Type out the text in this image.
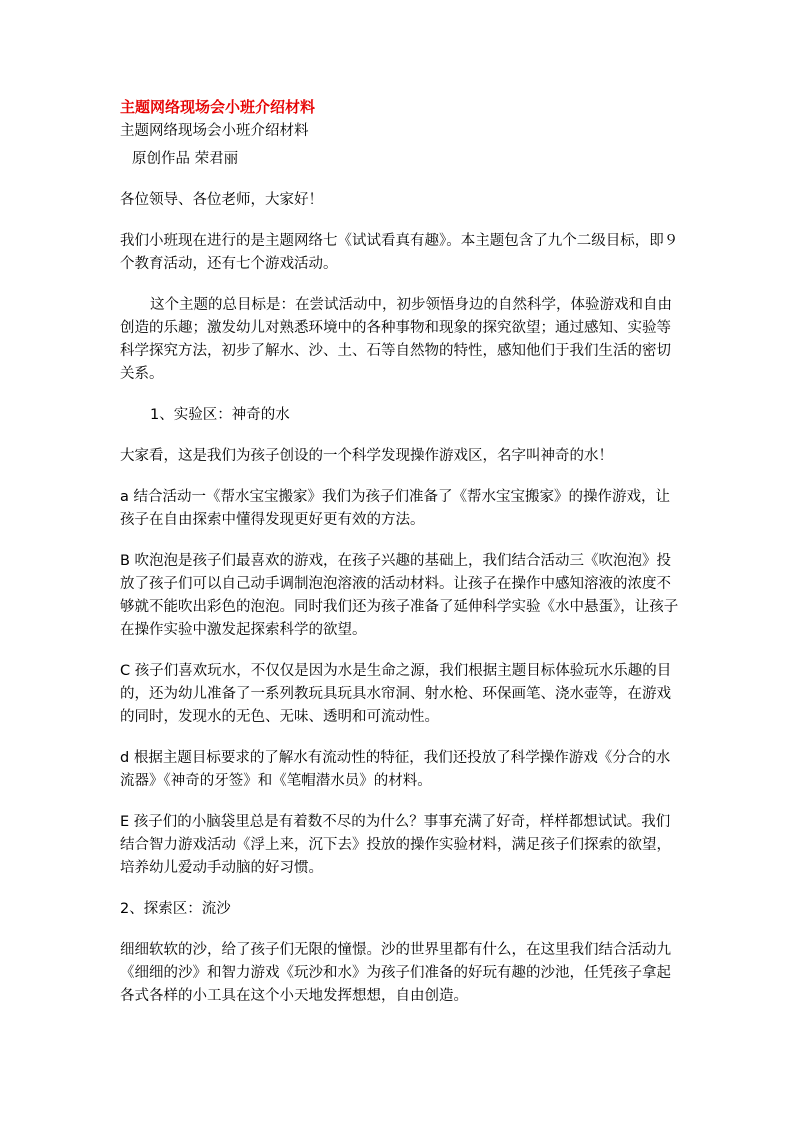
主题网络现场会小班介绍材料
主题网络现场会小班介绍材料

原创作品 荣君丽

各位领导、各位老师，大家好！

我们小班现在进行的是主题网络七《试试看真有趣》。本主题包含了九个二级目标，即９个教育活动，还有七个游戏活动。

这个主题的总目标是：在尝试活动中，初步领悟身边的自然科学，体验游戏和自由创造的乐趣；激发幼儿对熟悉环境中的各种事物和现象的探究欲望；通过感知、实验等科学探究方法，初步了解水、沙、土、石等自然物的特性，感知他们于我们生活的密切关系。

1、实验区：神奇的水

大家看，这是我们为孩子创设的一个科学发现操作游戏区，名字叫神奇的水！

a 结合活动一《帮水宝宝搬家》我们为孩子们准备了《帮水宝宝搬家》的操作游戏，让孩子在自由探索中懂得发现更好更有效的方法。

B 吹泡泡是孩子们最喜欢的游戏，在孩子兴趣的基础上，我们结合活动三《吹泡泡》投放了孩子们可以自己动手调制泡泡溶液的活动材料。让孩子在操作中感知溶液的浓度不够就不能吹出彩色的泡泡。同时我们还为孩子准备了延伸科学实验《水中悬蛋》，让孩子在操作实验中激发起探索科学的欲望。

C 孩子们喜欢玩水，不仅仅是因为水是生命之源，我们根据主题目标体验玩水乐趣的目的，还为幼儿准备了一系列教玩具玩具水帘洞、射水枪、环保画笔、浇水壶等，在游戏的同时，发现水的无色、无味、透明和可流动性。

d 根据主题目标要求的了解水有流动性的特征，我们还投放了科学操作游戏《分合的水流器》《神奇的牙签》和《笔帽潜水员》的材料。

E 孩子们的小脑袋里总是有着数不尽的为什么？事事充满了好奇，样样都想试试。我们结合智力游戏活动《浮上来，沉下去》投放的操作实验材料，满足孩子们探索的欲望，培养幼儿爱动手动脑的好习惯。

2、探索区：流沙

细细软软的沙，给了孩子们无限的憧憬。沙的世界里都有什么，在这里我们结合活动九《细细的沙》和智力游戏《玩沙和水》为孩子们准备的好玩有趣的沙池，任凭孩子拿起各式各样的小工具在这个小天地发挥想想，自由创造。
